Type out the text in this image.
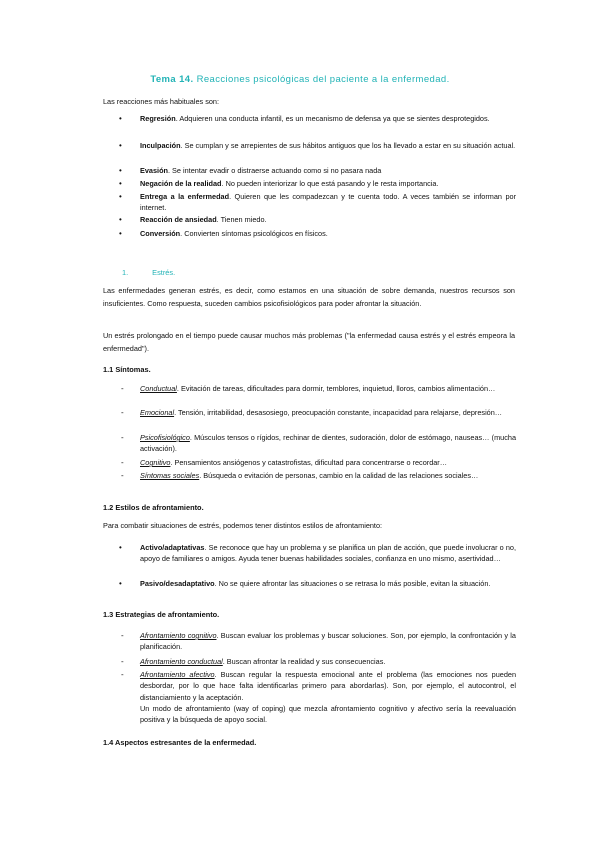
Tema 14. Reacciones psicológicas del paciente a la enfermedad.

Las reacciones más habituales son:

• Regresión. Adquieren una conducta infantil, es un mecanismo de defensa ya que se sientes desprotegidos.

• Inculpación. Se cumplan y se arrepientes de sus hábitos antiguos que los ha llevado a estar en su situación actual.

• Evasión. Se intentar evadir o distraerse actuando como si no pasara nada

• Negación de la realidad. No pueden interiorizar lo que está pasando y le resta importancia.

• Entrega a la enfermedad. Quieren que les compadezcan y te cuenta todo. A veces también se informan por internet.

• Reacción de ansiedad. Tienen miedo.

• Conversión. Convierten síntomas psicológicos en físicos.

1.	Estrés.

Las enfermedades generan estrés, es decir, como estamos en una situación de sobre demanda, nuestros recursos son insuficientes. Como respuesta, suceden cambios psicofisiológicos para poder afrontar la situación.

Un estrés prolongado en el tiempo puede causar muchos más problemas ("la enfermedad causa estrés y el estrés empeora la enfermedad").

1.1 Síntomas.

- Conductual. Evitación de tareas, dificultades para dormir, temblores, inquietud, lloros, cambios alimentación…

- Emocional. Tensión, irritabilidad, desasosiego, preocupación constante, incapacidad para relajarse, depresión…

- Psicofisiológico. Músculos tensos o rígidos, rechinar de dientes, sudoración, dolor de estómago, nauseas… (mucha activación).

- Cognitivo. Pensamientos ansiógenos y catastrofistas, dificultad para concentrarse o recordar…

- Síntomas sociales. Búsqueda o evitación de personas, cambio en la calidad de las relaciones sociales…

1.2 Estilos de afrontamiento.

Para combatir situaciones de estrés, podemos tener distintos estilos de afrontamiento:

• Activo/adaptativas. Se reconoce que hay un problema y se planifica un plan de acción, que puede involucrar o no, apoyo de familiares o amigos. Ayuda tener buenas habilidades sociales, confianza en uno mismo, asertividad…

• Pasivo/desadaptativo. No se quiere afrontar las situaciones o se retrasa lo más posible, evitan la situación.

1.3 Estrategias de afrontamiento.

- Afrontamiento cognitivo. Buscan evaluar los problemas y buscar soluciones. Son, por ejemplo, la confrontación y la planificación.

- Afrontamiento conductual. Buscan afrontar la realidad y sus consecuencias.

- Afrontamiento afectivo. Buscan regular la respuesta emocional ante el problema (las emociones nos pueden desbordar, por lo que hace falta identificarlas primero para abordarlas). Son, por ejemplo, el autocontrol, el distanciamiento y la aceptación.

Un modo de afrontamiento (way of coping) que mezcla afrontamiento cognitivo y afectivo sería la reevaluación positiva y la búsqueda de apoyo social.

1.4 Aspectos estresantes de la enfermedad.
